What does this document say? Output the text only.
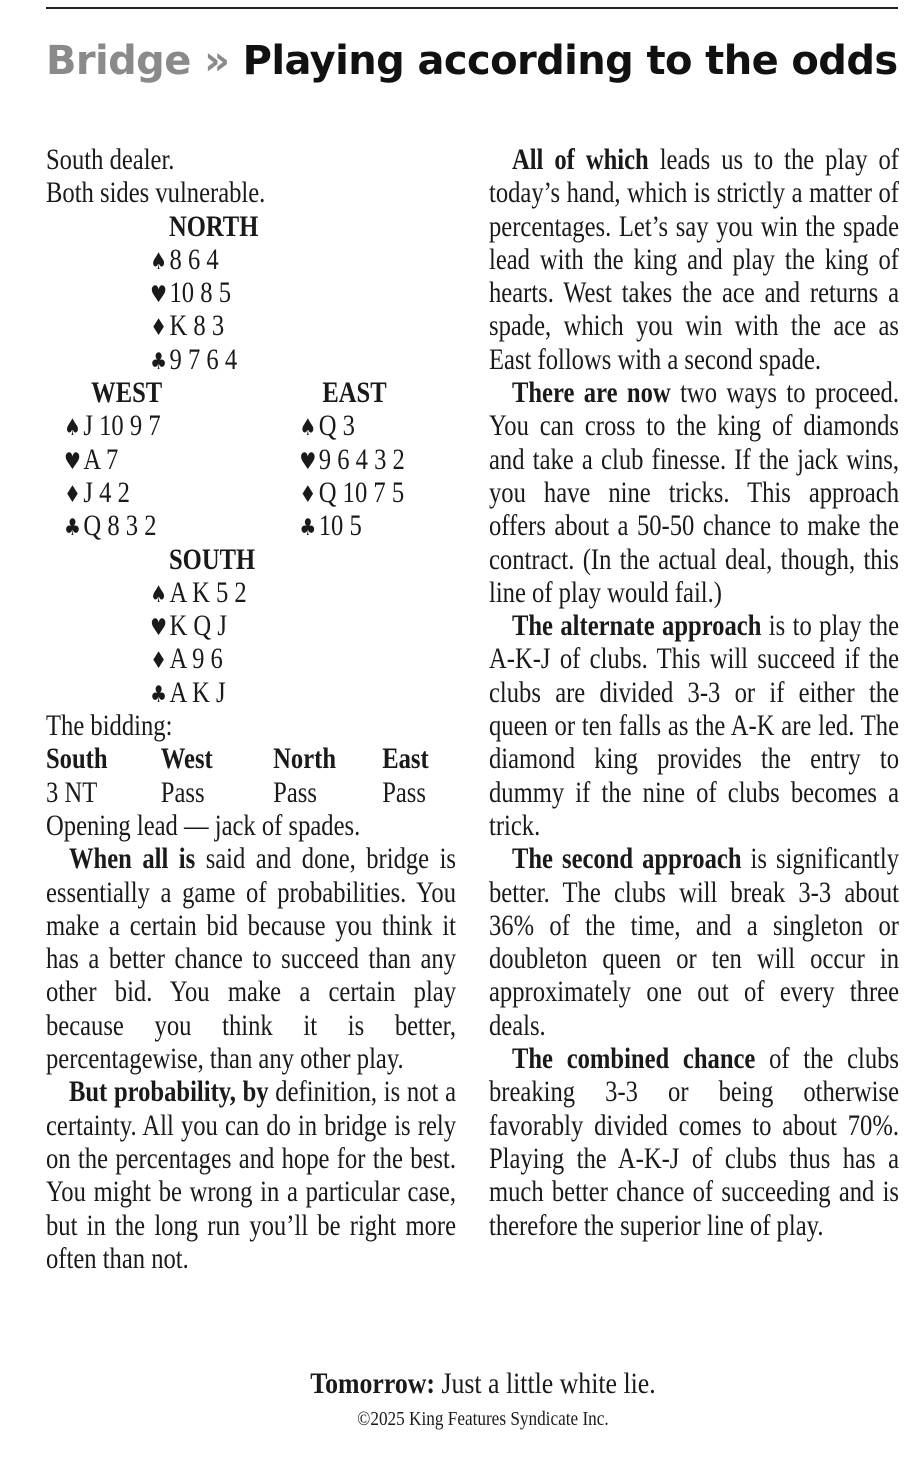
Bridge » Playing according to the odds
South dealer.
Both sides vulnerable.
NORTH
♠8 6 4
♥10 8 5
♦K 8 3
♣9 7 6 4
WEST	EAST
♠J 10 9 7	♠Q 3
♥A 7	♥9 6 4 3 2
♦J 4 2	♦Q 10 7 5
♣Q 8 3 2	♣10 5
SOUTH
♠A K 5 2
♥K Q J
♦A 9 6
♣A K J
The bidding:
South West North East
3 NT Pass Pass Pass
Opening lead — jack of spades.

When all is said and done, bridge is essentially a game of probabilities. You make a certain bid because you think it has a better chance to succeed than any other bid. You make a certain play because you think it is better, percentagewise, than any other play.

But probability, by definition, is not a certainty. All you can do in bridge is rely on the percentages and hope for the best. You might be wrong in a particular case, but in the long run you’ll be right more often than not.

All of which leads us to the play of today’s hand, which is strictly a matter of percentages. Let’s say you win the spade lead with the king and play the king of hearts. West takes the ace and returns a spade, which you win with the ace as East follows with a second spade.

There are now two ways to proceed. You can cross to the king of diamonds and take a club finesse. If the jack wins, you have nine tricks. This approach offers about a 50-50 chance to make the contract. (In the actual deal, though, this line of play would fail.)

The alternate approach is to play the A-K-J of clubs. This will succeed if the clubs are divided 3-3 or if either the queen or ten falls as the A-K are led. The diamond king provides the entry to dummy if the nine of clubs becomes a trick.

The second approach is significantly better. The clubs will break 3-3 about 36% of the time, and a singleton or doubleton queen or ten will occur in approximately one out of every three deals.

The combined chance of the clubs breaking 3-3 or being otherwise favorably divided comes to about 70%. Playing the A-K-J of clubs thus has a much better chance of succeeding and is therefore the superior line of play.

Tomorrow: Just a little white lie.
©2025 King Features Syndicate Inc.
